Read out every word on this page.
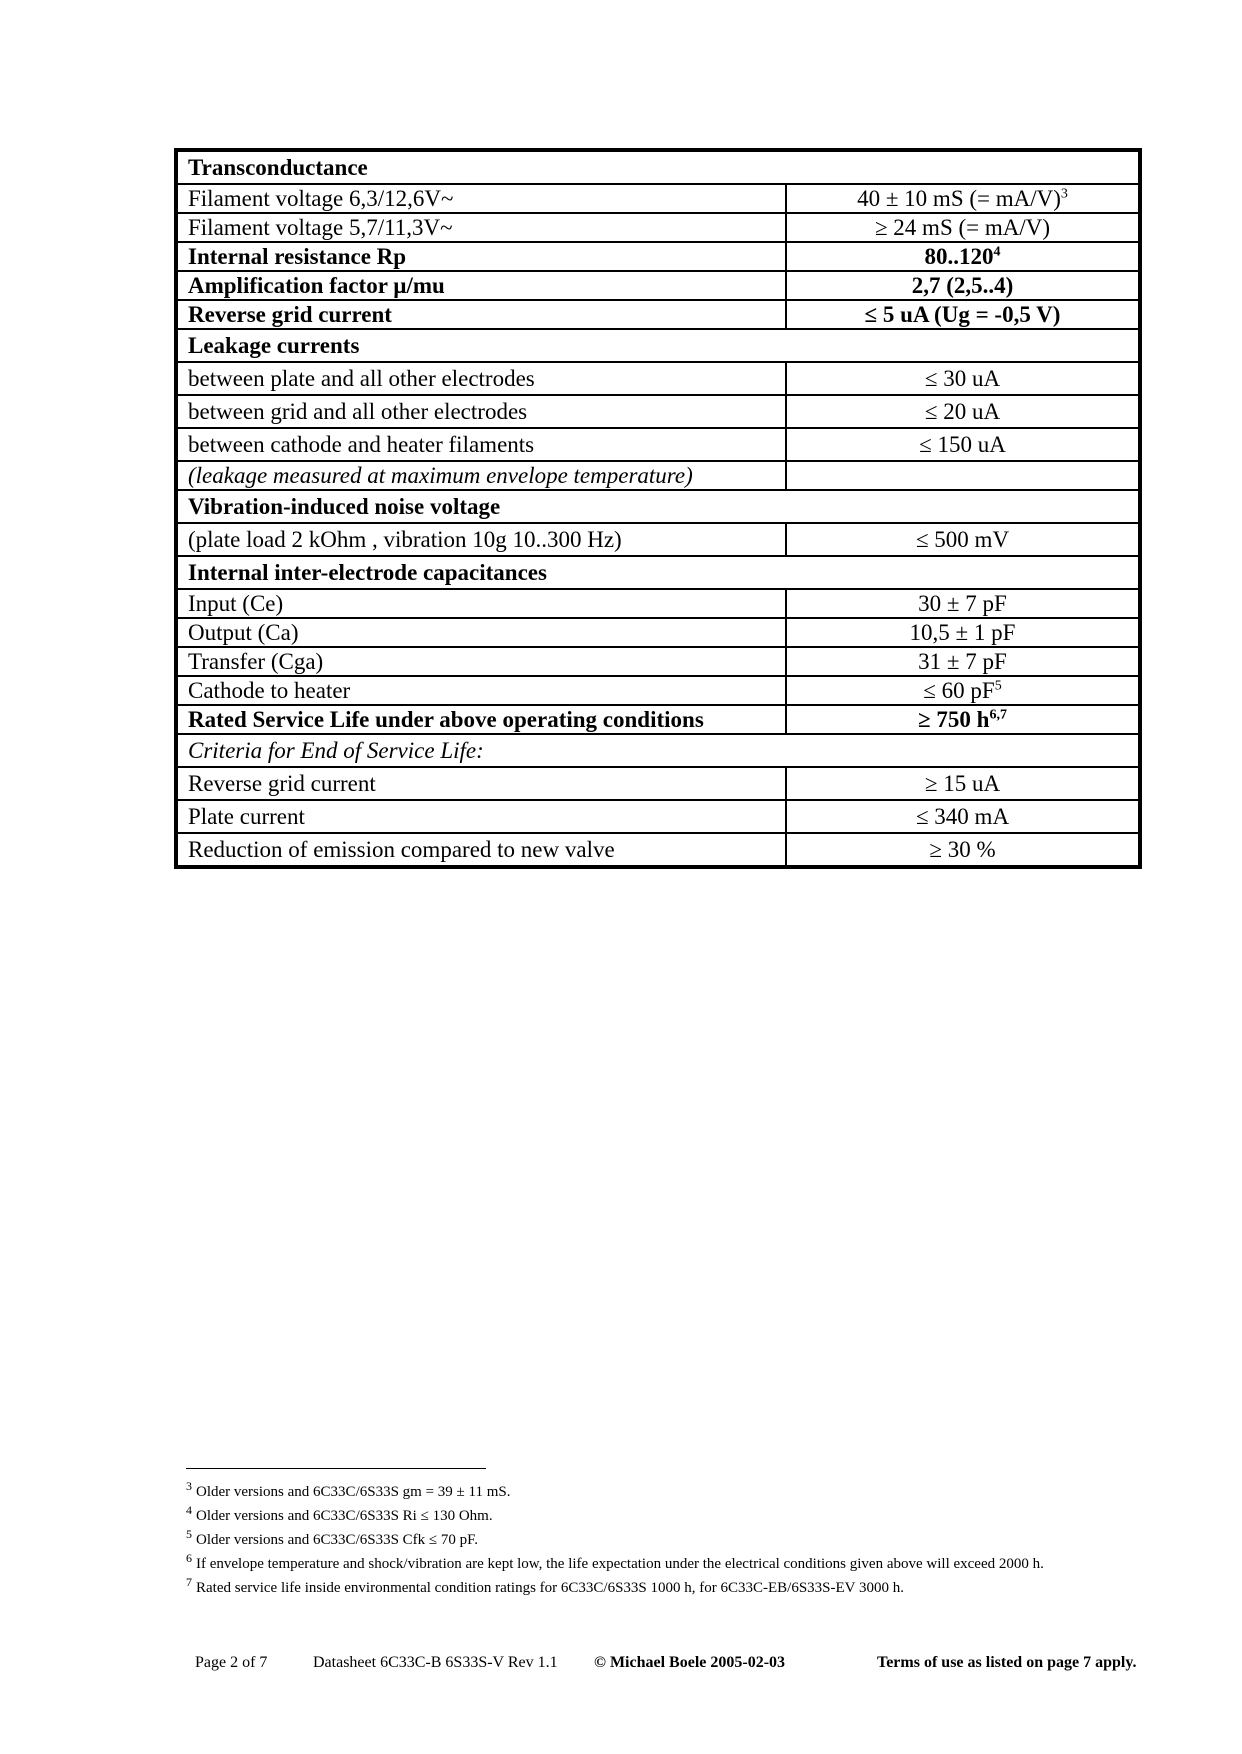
Transconductance	
Filament voltage 6,3/12,6V~	40 ± 10 mS (= mA/V)$^3$
Filament voltage 5,7/11,3V~	≥ 24 mS (= mA/V)
Internal resistance Rp	80..120$^4$
Amplification factor µ/mu	2,7 (2,5..4)
Reverse grid current	≤ 5 uA (Ug = -0,5 V)
Leakage currents	
between plate and all other electrodes	≤ 30 uA
between grid and all other electrodes	≤ 20 uA
between cathode and heater filaments	≤ 150 uA
(leakage measured at maximum envelope temperature)	
Vibration-induced noise voltage	
(plate load 2 kOhm , vibration 10g 10..300 Hz)	≤ 500 mV
Internal inter-electrode capacitances	
Input (Ce)	30 ± 7 pF
Output (Ca)	10,5 ± 1 pF
Transfer (Cga)	31 ± 7 pF
Cathode to heater	≤ 60 $pF^5$
Rated Service Life under above operating conditions	≥ 750 $h^{6,7}$
Criteria for End of Service Life:	
Reverse grid current	≥ 15 uA
Plate current	≤ 340 mA
Reduction of emission compared to new valve	≥ 30 %
$^3$ Older versions and 6C33C/6S33S gm = 39 ± 11 mS.
$^4$ Older versions and 6C33C/6S33S Ri ≤ 130 Ohm.
$^5$ Older versions and 6C33C/6S33S Cfk ≤ 70 pF.
$^6$ If envelope temperature and shock/vibration are kept low, the life expectation under the electrical conditions given above will exceed 2000 h.
$^7$ Rated service life inside environmental condition ratings for 6C33C/6S33S 1000 h, for 6C33C-EB/6S33S-EV 3000 h.
Page 2 of 7	Datasheet 6C33C-B 6S33S-V Rev 1.1 © Michael Boele 2005-02-03	Terms of use as listed on page 7 apply.
